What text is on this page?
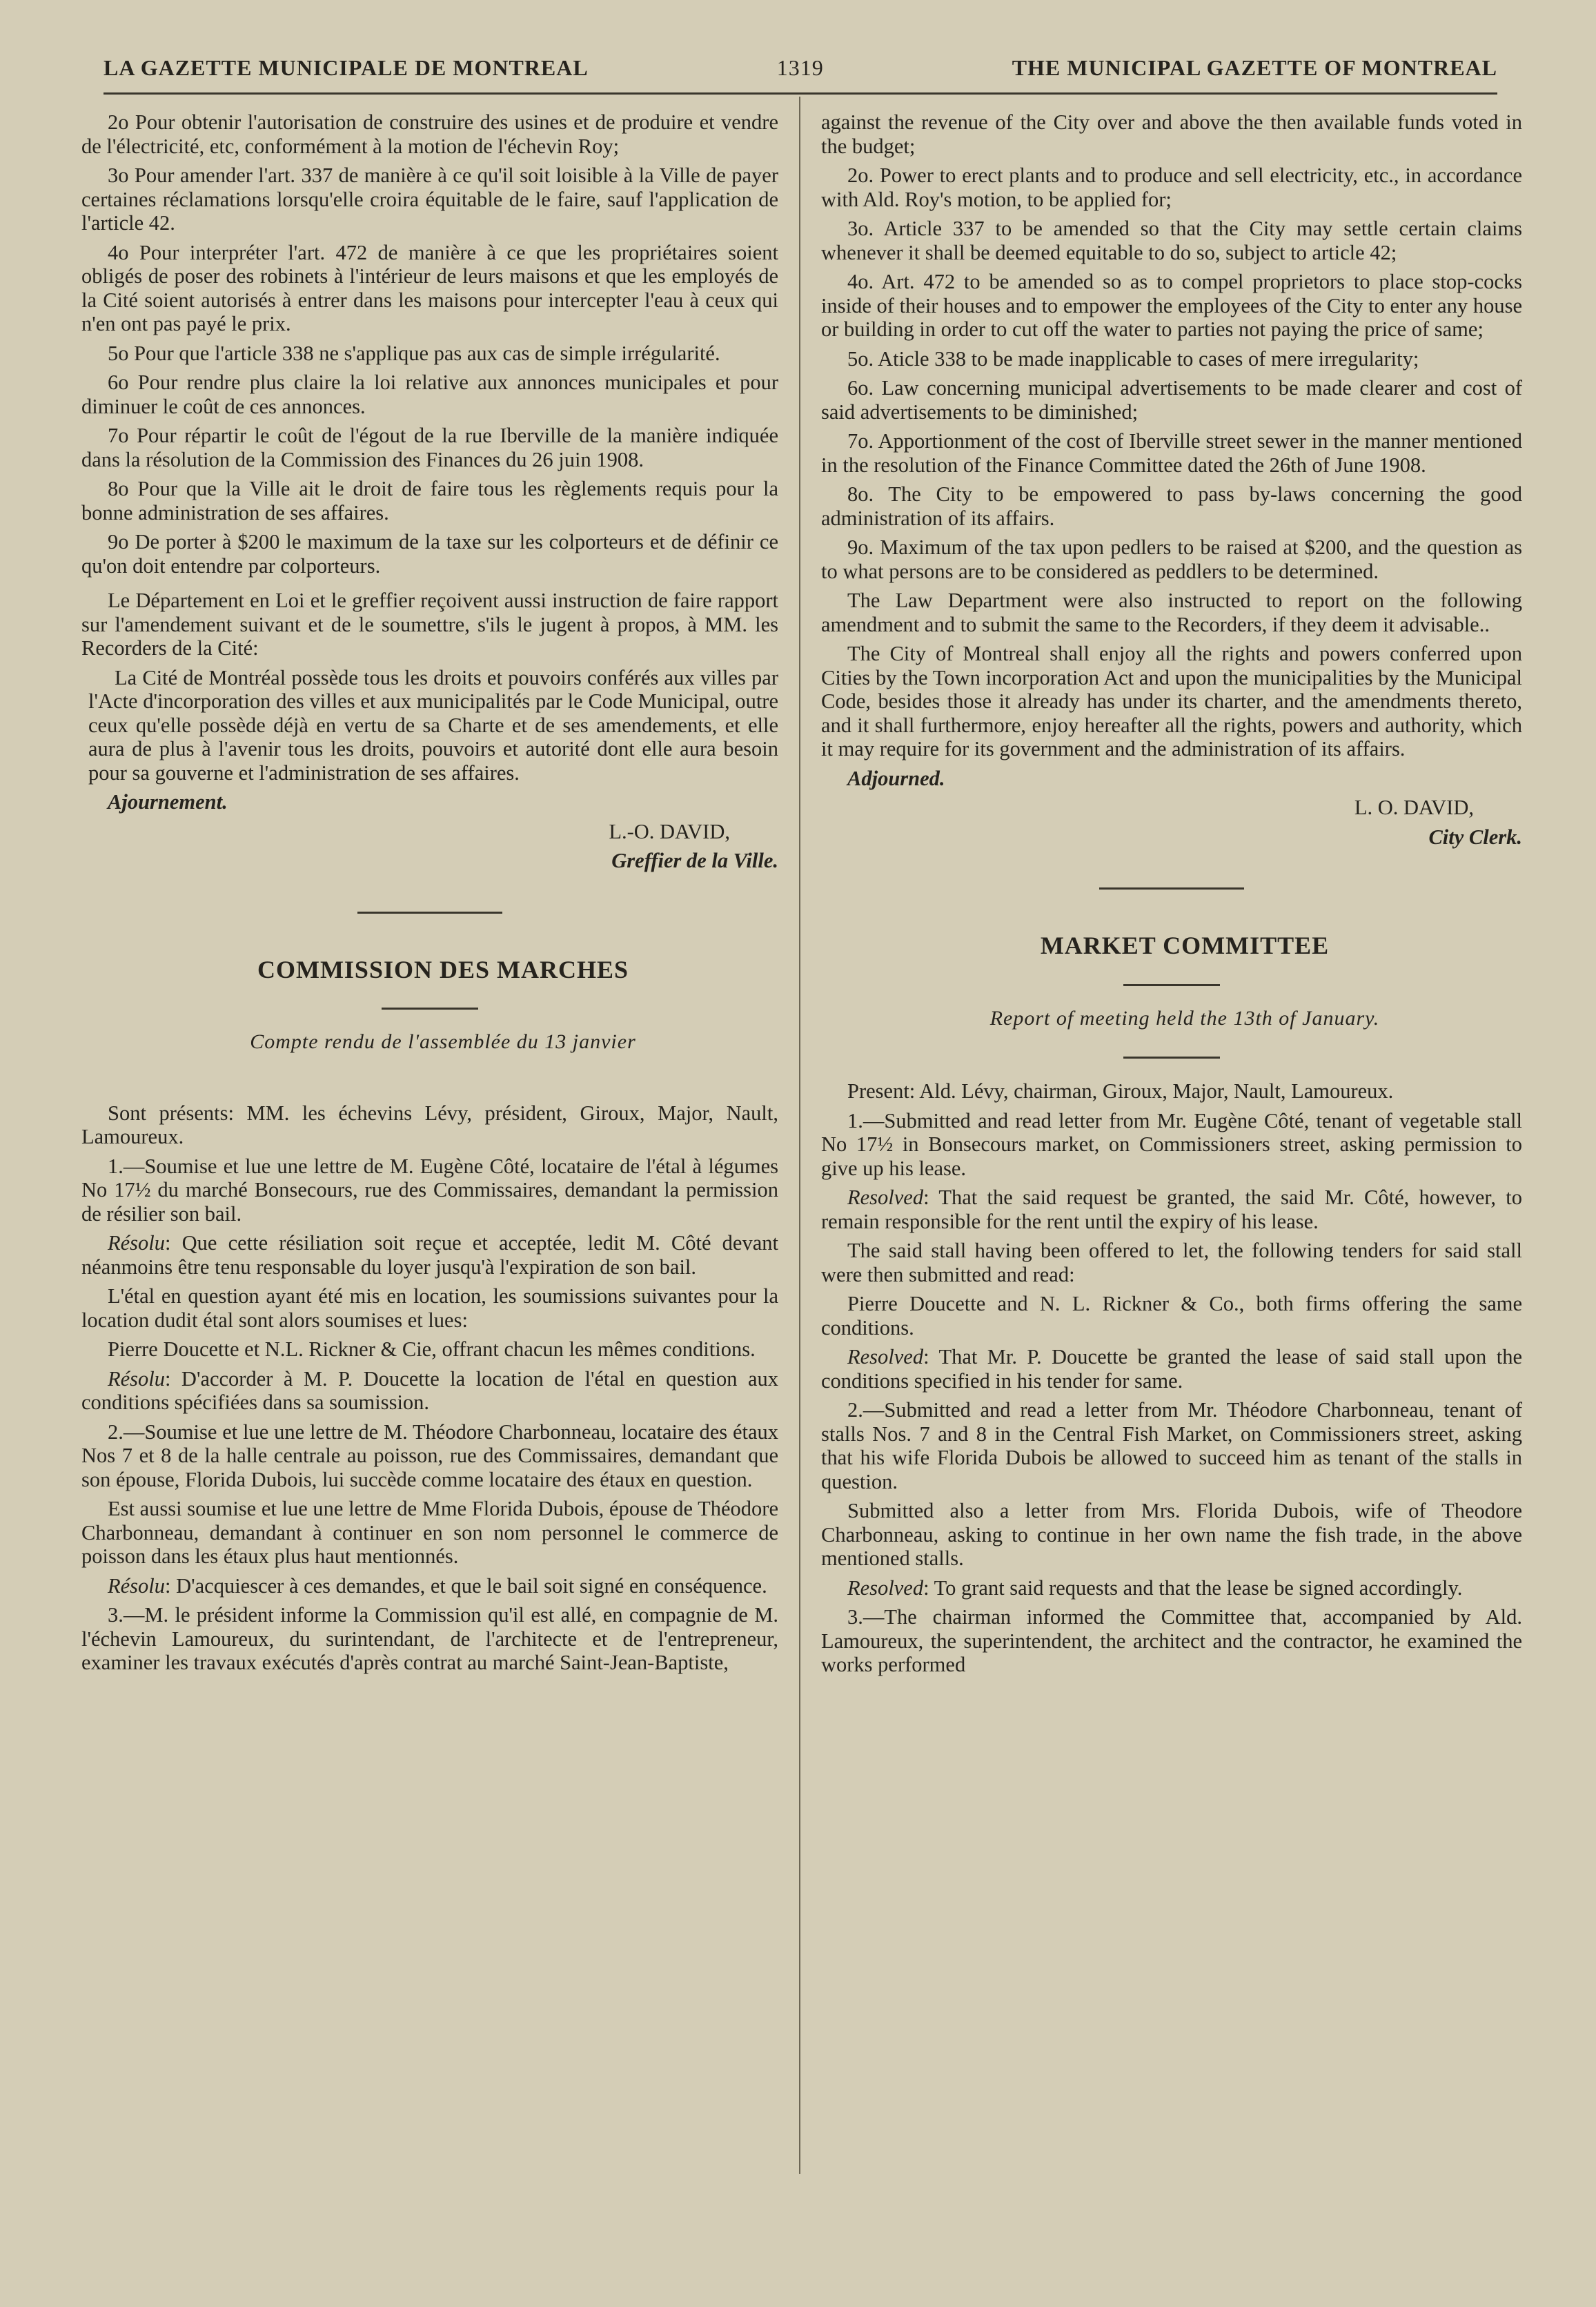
LA GAZETTE MUNICIPALE DE MONTREAL	1319	THE MUNICIPAL GAZETTE OF MONTREAL

2o Pour obtenir l'autorisation de construire des usines et de produire et vendre de l'électricité, etc, conformément à la motion de l'échevin Roy;

3o Pour amender l'art. 337 de manière à ce qu'il soit loisible à la Ville de payer certaines réclamations lorsqu'elle croira équitable de le faire, sauf l'application de l'article 42.

4o Pour interpréter l'art. 472 de manière à ce que les propriétaires soient obligés de poser des robinets à l'intérieur de leurs maisons et que les employés de la Cité soient autorisés à entrer dans les maisons pour intercepter l'eau à ceux qui n'en ont pas payé le prix.

5o Pour que l'article 338 ne s'applique pas aux cas de simple irrégularité.

6o Pour rendre plus claire la loi relative aux annonces municipales et pour diminuer le coût de ces annonces.

7o Pour répartir le coût de l'égout de la rue Iberville de la manière indiquée dans la résolution de la Commission des Finances du 26 juin 1908.

8o Pour que la Ville ait le droit de faire tous les règlements requis pour la bonne administration de ses affaires.

9o De porter à $200 le maximum de la taxe sur les colporteurs et de définir ce qu'on doit entendre par colporteurs.

Le Département en Loi et le greffier reçoivent aussi instruction de faire rapport sur l'amendement suivant et de le soumettre, s'ils le jugent à propos, à MM. les Recorders de la Cité:

La Cité de Montréal possède tous les droits et pouvoirs conférés aux villes par l'Acte d'incorporation des villes et aux municipalités par le Code Municipal, outre ceux qu'elle possède déjà en vertu de sa Charte et de ses amendements, et elle aura de plus à l'avenir tous les droits, pouvoirs et autorité dont elle aura besoin pour sa gouverne et l'administration de ses affaires.

Ajournement.

L.-O. DAVID,

Greffier de la Ville.

COMMISSION DES MARCHES

Compte rendu de l'assemblée du 13 janvier

Sont présents: MM. les échevins Lévy, président, Giroux, Major, Nault, Lamoureux.

1.—Soumise et lue une lettre de M. Eugène Côté, locataire de l'étal à légumes No 17½ du marché Bonsecours, rue des Commissaires, demandant la permission de résilier son bail.

Résolu: Que cette résiliation soit reçue et acceptée, ledit M. Côté devant néanmoins être tenu responsable du loyer jusqu'à l'expiration de son bail.

L'étal en question ayant été mis en location, les soumissions suivantes pour la location dudit étal sont alors soumises et lues:

Pierre Doucette et N.L. Rickner & Cie, offrant chacun les mêmes conditions.

Résolu: D'accorder à M. P. Doucette la location de l'étal en question aux conditions spécifiées dans sa soumission.

2.—Soumise et lue une lettre de M. Théodore Charbonneau, locataire des étaux Nos 7 et 8 de la halle centrale au poisson, rue des Commissaires, demandant que son épouse, Florida Dubois, lui succède comme locataire des étaux en question.

Est aussi soumise et lue une lettre de Mme Florida Dubois, épouse de Théodore Charbonneau, demandant à continuer en son nom personnel le commerce de poisson dans les étaux plus haut mentionnés.

Résolu: D'acquiescer à ces demandes, et que le bail soit signé en conséquence.

3.—M. le président informe la Commission qu'il est allé, en compagnie de M. l'échevin Lamoureux, du surintendant, de l'architecte et de l'entrepreneur, examiner les travaux exécutés d'après contrat au marché Saint-Jean-Baptiste,

against the revenue of the City over and above the then available funds voted in the budget;

2o. Power to erect plants and to produce and sell electricity, etc., in accordance with Ald. Roy's motion, to be applied for;

3o. Article 337 to be amended so that the City may settle certain claims whenever it shall be deemed equitable to do so, subject to article 42;

4o. Art. 472 to be amended so as to compel proprietors to place stop-cocks inside of their houses and to empower the employees of the City to enter any house or building in order to cut off the water to parties not paying the price of same;

5o. Aticle 338 to be made inapplicable to cases of mere irregularity;

6o. Law concerning municipal advertisements to be made clearer and cost of said advertisements to be diminished;

7o. Apportionment of the cost of Iberville street sewer in the manner mentioned in the resolution of the Finance Committee dated the 26th of June 1908.

8o. The City to be empowered to pass by-laws concerning the good administration of its affairs.

9o. Maximum of the tax upon pedlers to be raised at $200, and the question as to what persons are to be considered as peddlers to be determined.

The Law Department were also instructed to report on the following amendment and to submit the same to the Recorders, if they deem it advisable..

The City of Montreal shall enjoy all the rights and powers conferred upon Cities by the Town incorporation Act and upon the municipalities by the Municipal Code, besides those it already has under its charter, and the amendments thereto, and it shall furthermore, enjoy hereafter all the rights, powers and authority, which it may require for its government and the administration of its affairs.

Adjourned.

L. O. DAVID,

City Clerk.

MARKET COMMITTEE

Report of meeting held the 13th of January.

Present: Ald. Lévy, chairman, Giroux, Major, Nault, Lamoureux.

1.—Submitted and read letter from Mr. Eugène Côté, tenant of vegetable stall No 17½ in Bonsecours market, on Commissioners street, asking permission to give up his lease.

Resolved: That the said request be granted, the said Mr. Côté, however, to remain responsible for the rent until the expiry of his lease.

The said stall having been offered to let, the following tenders for said stall were then submitted and read:

Pierre Doucette and N. L. Rickner & Co., both firms offering the same conditions.

Resolved: That Mr. P. Doucette be granted the lease of said stall upon the conditions specified in his tender for same.

2.—Submitted and read a letter from Mr. Théodore Charbonneau, tenant of stalls Nos. 7 and 8 in the Central Fish Market, on Commissioners street, asking that his wife Florida Dubois be allowed to succeed him as tenant of the stalls in question.

Submitted also a letter from Mrs. Florida Dubois, wife of Theodore Charbonneau, asking to continue in her own name the fish trade, in the above mentioned stalls.

Resolved: To grant said requests and that the lease be signed accordingly.

3.—The chairman informed the Committee that, accompanied by Ald. Lamoureux, the superintendent, the architect and the contractor, he examined the works performed
